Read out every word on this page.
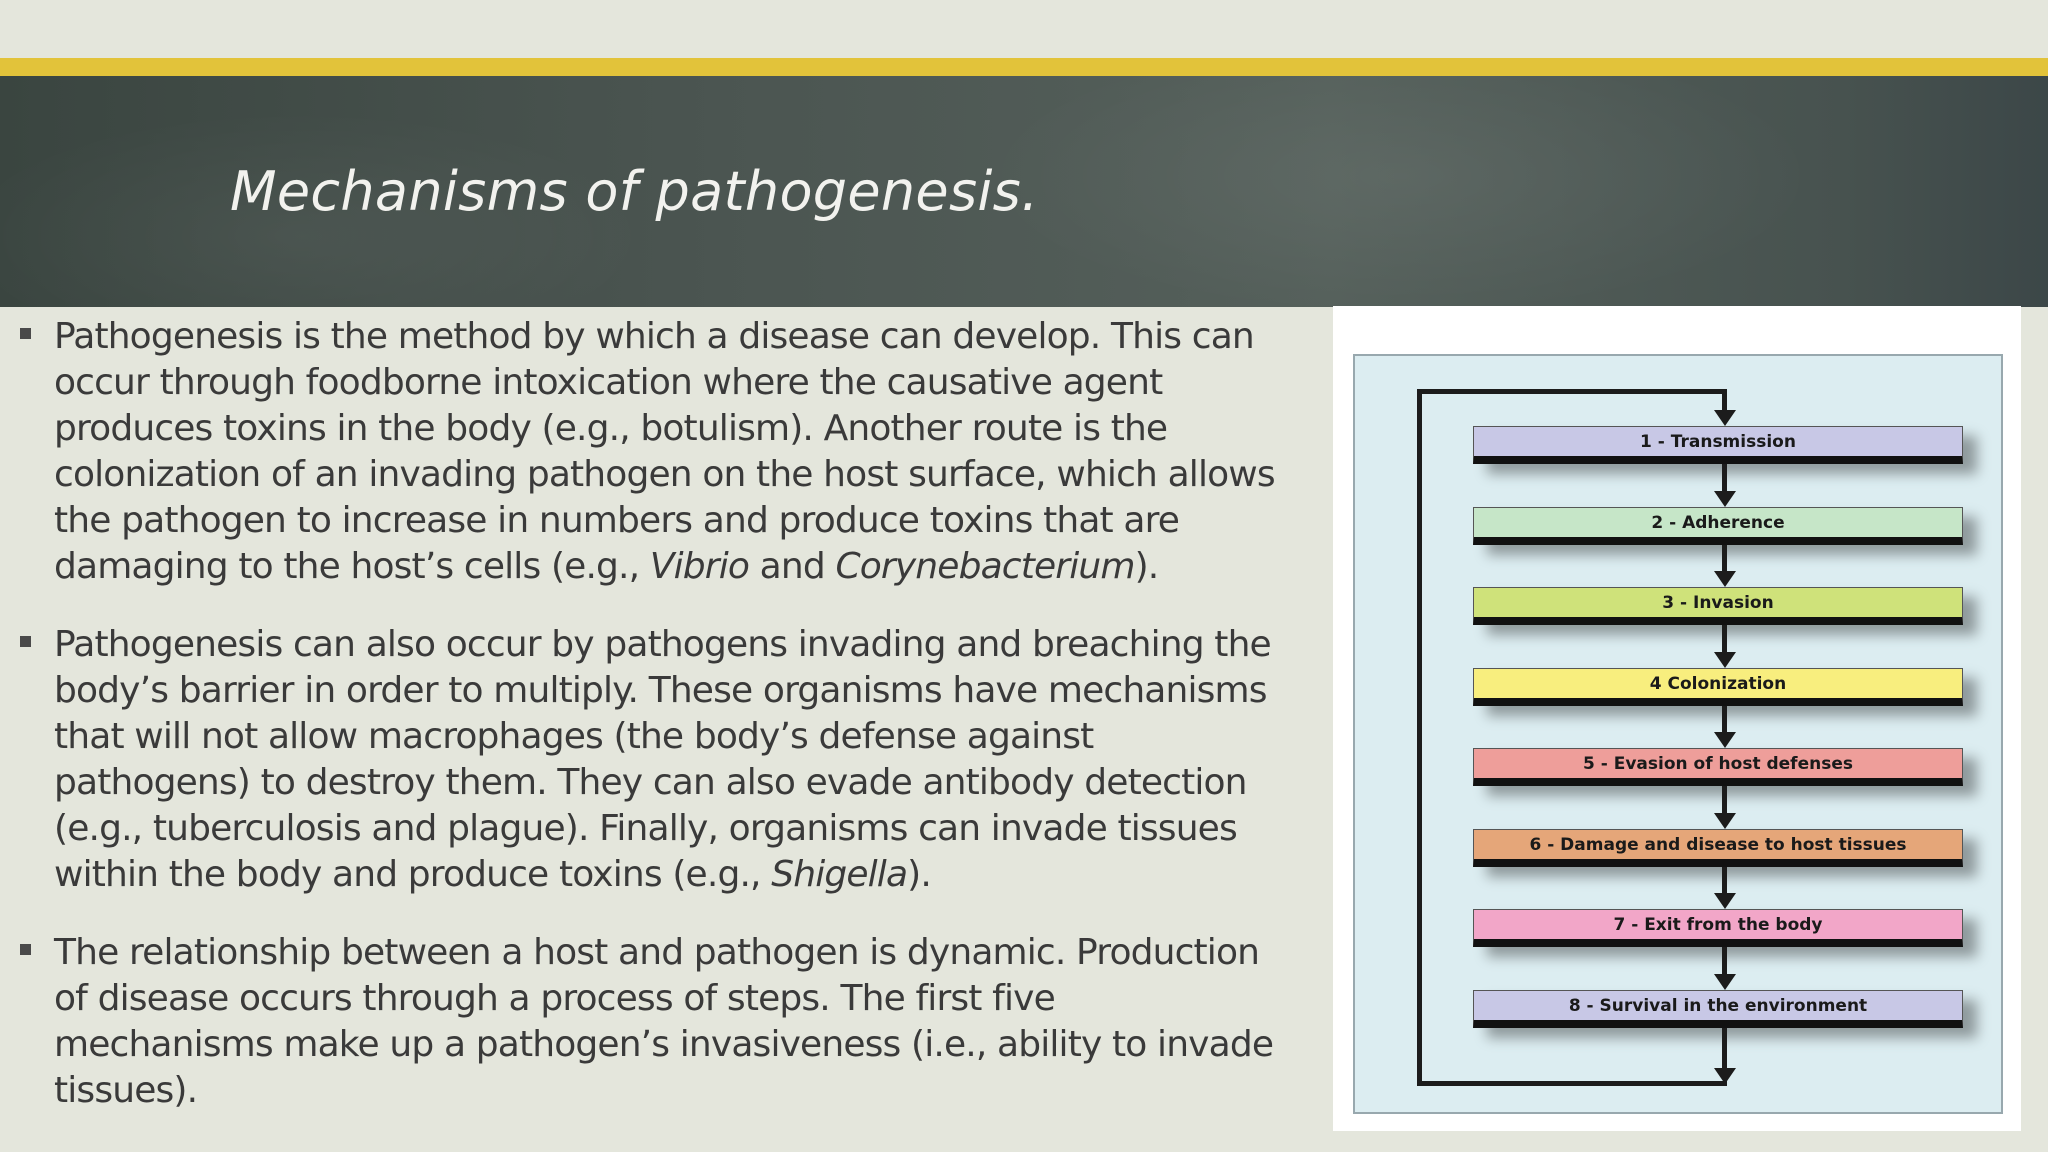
Mechanisms of pathogenesis.
Pathogenesis is the method by which a disease can develop. This can occur through foodborne intoxication where the causative agent produces toxins in the body (e.g., botulism). Another route is the colonization of an invading pathogen on the host surface, which allows the pathogen to increase in numbers and produce toxins that are damaging to the host’s cells (e.g., Vibrio and Corynebacterium).
Pathogenesis can also occur by pathogens invading and breaching the body’s barrier in order to multiply. These organisms have mechanisms that will not allow macrophages (the body’s defense against pathogens) to destroy them. They can also evade antibody detection (e.g., tuberculosis and plague). Finally, organisms can invade tissues within the body and produce toxins (e.g., Shigella).
The relationship between a host and pathogen is dynamic. Production of disease occurs through a process of steps. The first five mechanisms make up a pathogen’s invasiveness (i.e., ability to invade tissues).
1 - Transmission
2 - Adherence
3 - Invasion
4 Colonization
5 - Evasion of host defenses
6 - Damage and disease to host tissues
7 - Exit from the body
8 - Survival in the environment
